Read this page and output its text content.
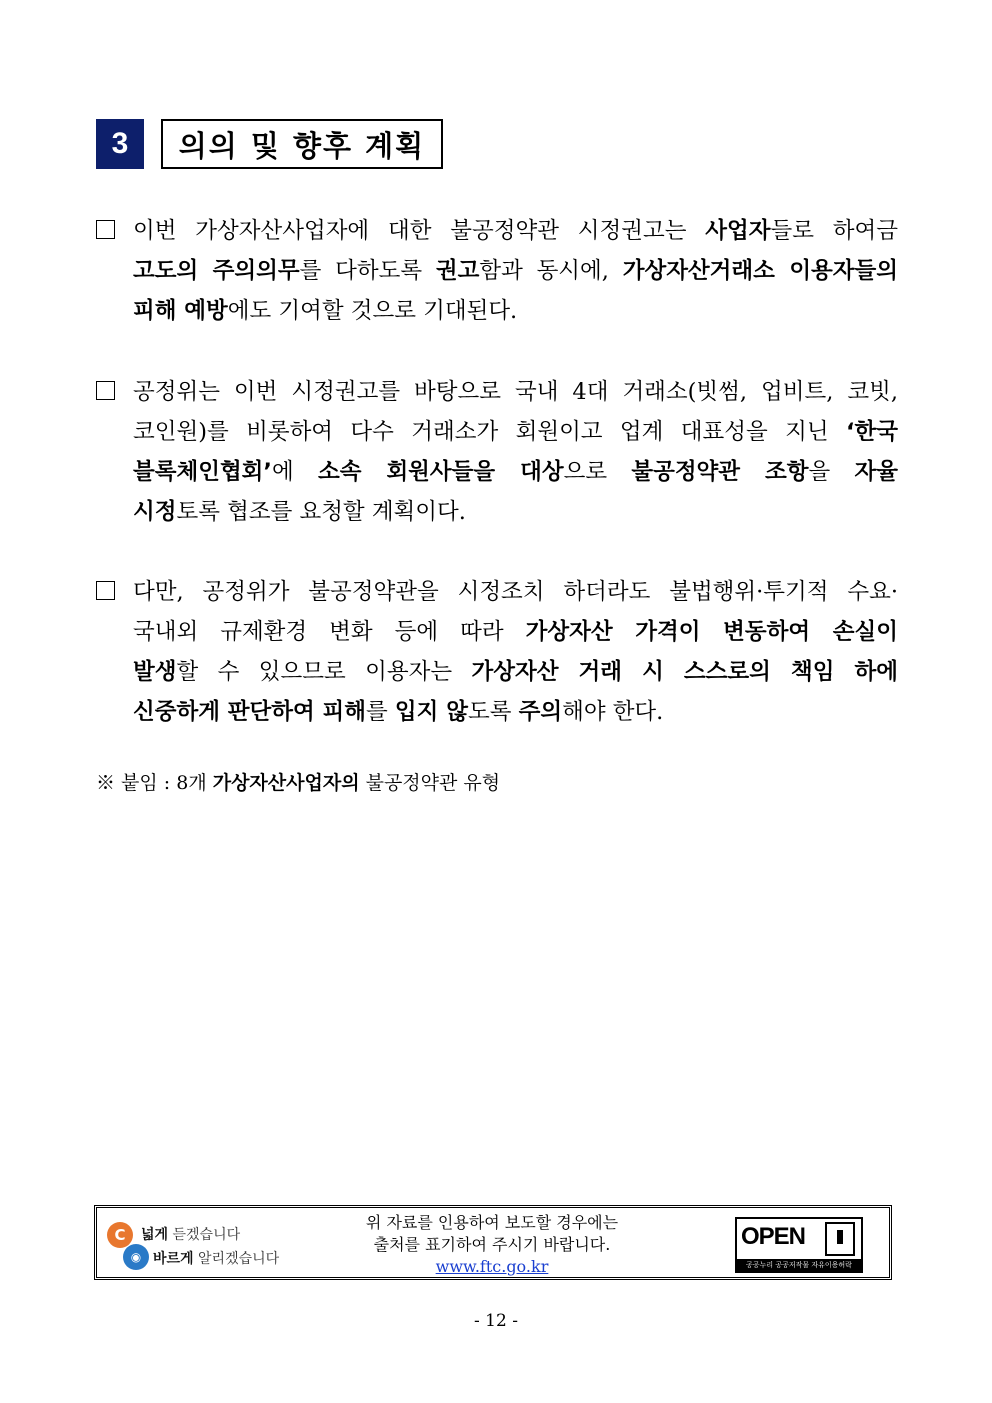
3	의의 및 향후 계획
이번 가상자산사업자에 대한 불공정약관 시정권고는 사업자들로 하여금
고도의 주의의무를 다하도록 권고함과 동시에, 가상자산거래소 이용자들의
피해 예방에도 기여할 것으로 기대된다.
공정위는 이번 시정권고를 바탕으로 국내 4대 거래소(빗썸, 업비트, 코빗,
코인원)를 비롯하여 다수 거래소가 회원이고 업계 대표성을 지닌 ‘한국
블록체인협회’에 소속 회원사들을 대상으로 불공정약관 조항을 자율
시정토록 협조를 요청할 계획이다.
다만, 공정위가 불공정약관을 시정조치 하더라도 불법행위·투기적 수요·
국내외 규제환경 변화 등에 따라 가상자산 가격이 변동하여 손실이
발생할 수 있으므로 이용자는 가상자산 거래 시 스스로의 책임 하에
신중하게 판단하여 피해를 입지 않도록 주의해야 한다.
※ 붙임 : 8개 가상자산사업자의 불공정약관 유형
C
◉
넓게 듣겠습니다
바르게 알리겠습니다
위 자료를 인용하여 보도할 경우에는
출처를 표기하여 주시기 바랍니다.
www.ftc.go.kr
OPEN
공공누리 공공저작물 자유이용허락
- 12 -
